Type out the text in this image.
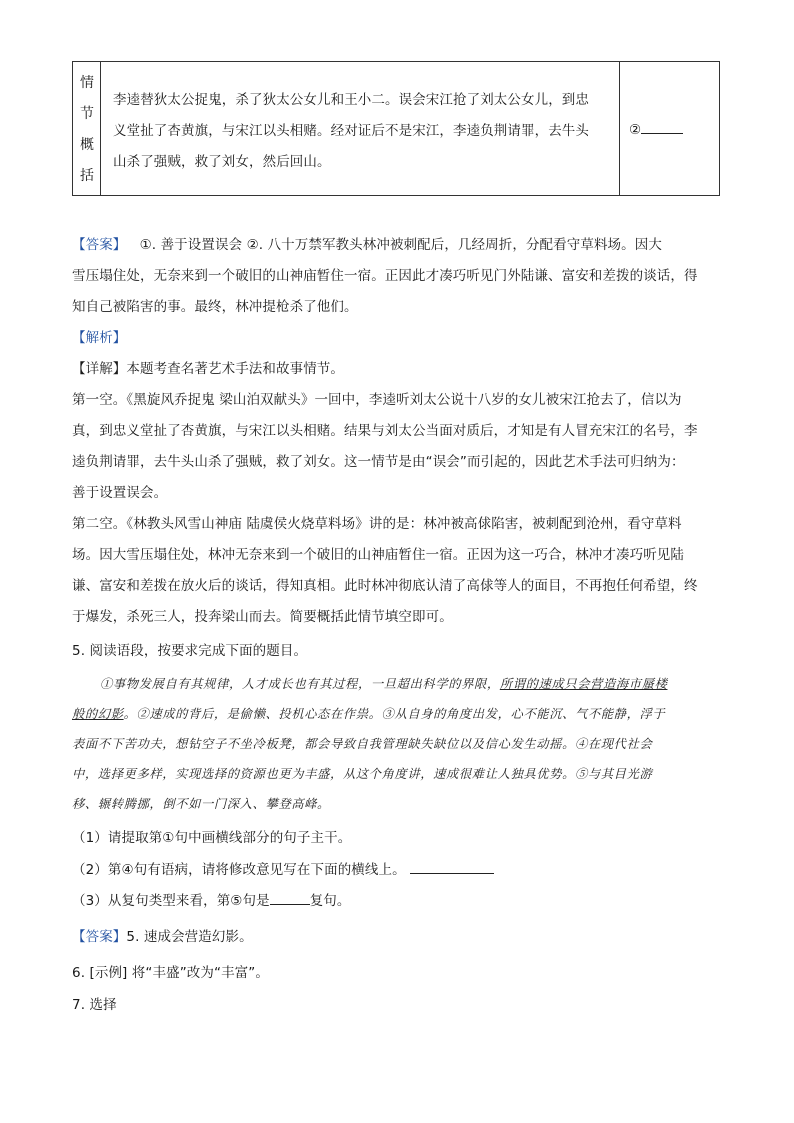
情
节
概
括
李逵替狄太公捉鬼，杀了狄太公女儿和王小二。误会宋江抢了刘太公女儿，到忠
义堂扯了杏黄旗，与宋江以头相赌。经对证后不是宋江，李逵负荆请罪，去牛头
山杀了强贼，救了刘女，然后回山。
②
【答案】 ①. 善于设置误会 ②. 八十万禁军教头林冲被刺配后，几经周折，分配看守草料场。因大
雪压塌住处，无奈来到一个破旧的山神庙暂住一宿。正因此才凑巧听见门外陆谦、富安和差拨的谈话，得
知自己被陷害的事。最终，林冲提枪杀了他们。
【解析】
【详解】本题考查名著艺术手法和故事情节。
第一空。《黑旋风乔捉鬼 梁山泊双献头》一回中，李逵听刘太公说十八岁的女儿被宋江抢去了，信以为
真，到忠义堂扯了杏黄旗，与宋江以头相赌。结果与刘太公当面对质后，才知是有人冒充宋江的名号，李
逵负荆请罪，去牛头山杀了强贼，救了刘女。这一情节是由“误会”而引起的，因此艺术手法可归纳为：
善于设置误会。
第二空。《林教头风雪山神庙 陆虞侯火烧草料场》讲的是：林冲被高俅陷害，被刺配到沧州，看守草料
场。因大雪压塌住处，林冲无奈来到一个破旧的山神庙暂住一宿。正因为这一巧合，林冲才凑巧听见陆
谦、富安和差拨在放火后的谈话，得知真相。此时林冲彻底认清了高俅等人的面目，不再抱任何希望，终
于爆发，杀死三人，投奔梁山而去。简要概括此情节填空即可。
5. 阅读语段，按要求完成下面的题目。
①事物发展自有其规律，人才成长也有其过程，一旦超出科学的界限，所谓的速成只会营造海市蜃楼
般的幻影。②速成的背后，是偷懒、投机心态在作祟。③从自身的角度出发，心不能沉、气不能静，浮于
表面不下苦功夫，想钻空子不坐冷板凳，都会导致自我管理缺失缺位以及信心发生动摇。④在现代社会
中，选择更多样，实现选择的资源也更为丰盛，从这个角度讲，速成很难让人独具优势。⑤与其目光游
移、辗转腾挪，倒不如一门深入、攀登高峰。
（1）请提取第①句中画横线部分的句子主干。
（2）第④句有语病，请将修改意见写在下面的横线上。
（3）从复句类型来看，第⑤句是	复句。
【答案】5. 速成会营造幻影。
6. [示例] 将“丰盛”改为“丰富”。
7. 选择
